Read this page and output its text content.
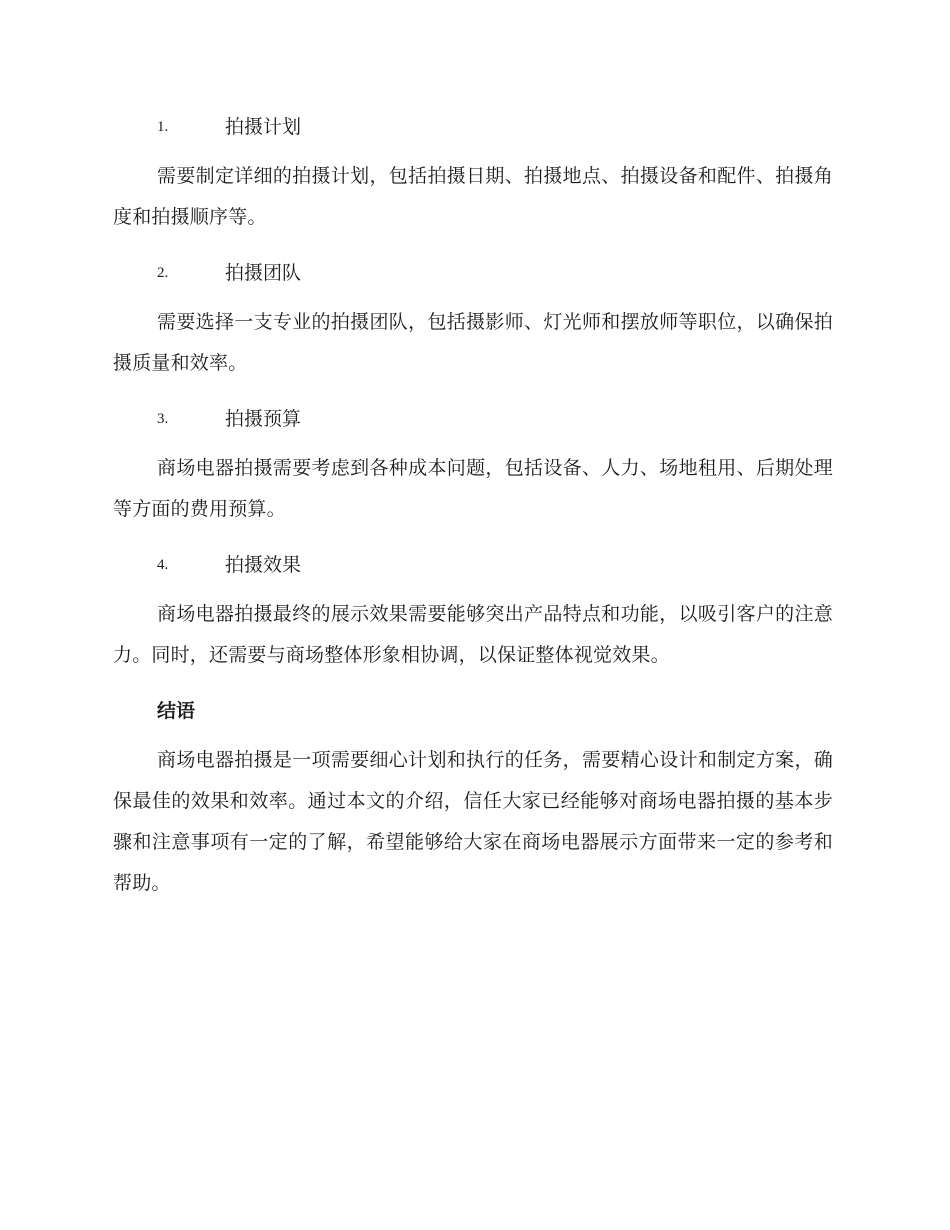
1.	拍摄计划

需要制定详细的拍摄计划，包括拍摄日期、拍摄地点、拍摄设备和配件、拍摄角度和拍摄顺序等。

2.	拍摄团队

需要选择一支专业的拍摄团队，包括摄影师、灯光师和摆放师等职位，以确保拍摄质量和效率。

3.	拍摄预算

商场电器拍摄需要考虑到各种成本问题，包括设备、人力、场地租用、后期处理等方面的费用预算。

4.	拍摄效果

商场电器拍摄最终的展示效果需要能够突出产品特点和功能，以吸引客户的注意力。同时，还需要与商场整体形象相协调，以保证整体视觉效果。

结语

商场电器拍摄是一项需要细心计划和执行的任务，需要精心设计和制定方案，确保最佳的效果和效率。通过本文的介绍，信任大家已经能够对商场电器拍摄的基本步骤和注意事项有一定的了解，希望能够给大家在商场电器展示方面带来一定的参考和帮助。
